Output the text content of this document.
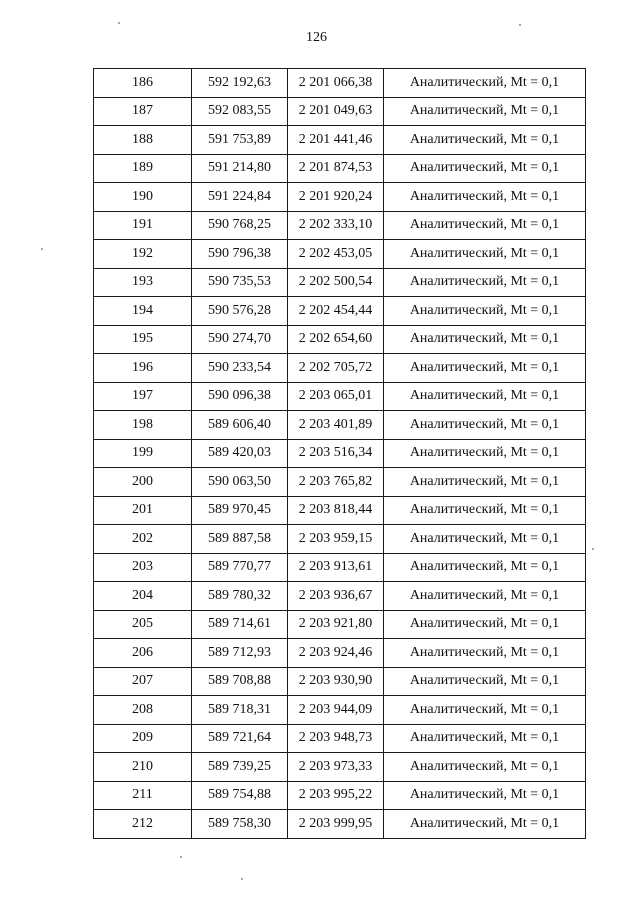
126
186	592 192,63	2 201 066,38	Аналитический, Mt = 0,1
187	592 083,55	2 201 049,63	Аналитический, Mt = 0,1
188	591 753,89	2 201 441,46	Аналитический, Mt = 0,1
189	591 214,80	2 201 874,53	Аналитический, Mt = 0,1
190	591 224,84	2 201 920,24	Аналитический, Mt = 0,1
191	590 768,25	2 202 333,10	Аналитический, Mt = 0,1
192	590 796,38	2 202 453,05	Аналитический, Mt = 0,1
193	590 735,53	2 202 500,54	Аналитический, Mt = 0,1
194	590 576,28	2 202 454,44	Аналитический, Mt = 0,1
195	590 274,70	2 202 654,60	Аналитический, Mt = 0,1
196	590 233,54	2 202 705,72	Аналитический, Mt = 0,1
197	590 096,38	2 203 065,01	Аналитический, Mt = 0,1
198	589 606,40	2 203 401,89	Аналитический, Mt = 0,1
199	589 420,03	2 203 516,34	Аналитический, Mt = 0,1
200	590 063,50	2 203 765,82	Аналитический, Mt = 0,1
201	589 970,45	2 203 818,44	Аналитический, Mt = 0,1
202	589 887,58	2 203 959,15	Аналитический, Mt = 0,1
203	589 770,77	2 203 913,61	Аналитический, Mt = 0,1
204	589 780,32	2 203 936,67	Аналитический, Mt = 0,1
205	589 714,61	2 203 921,80	Аналитический, Mt = 0,1
206	589 712,93	2 203 924,46	Аналитический, Mt = 0,1
207	589 708,88	2 203 930,90	Аналитический, Mt = 0,1
208	589 718,31	2 203 944,09	Аналитический, Mt = 0,1
209	589 721,64	2 203 948,73	Аналитический, Mt = 0,1
210	589 739,25	2 203 973,33	Аналитический, Mt = 0,1
211	589 754,88	2 203 995,22	Аналитический, Mt = 0,1
212	589 758,30	2 203 999,95	Аналитический, Mt = 0,1
